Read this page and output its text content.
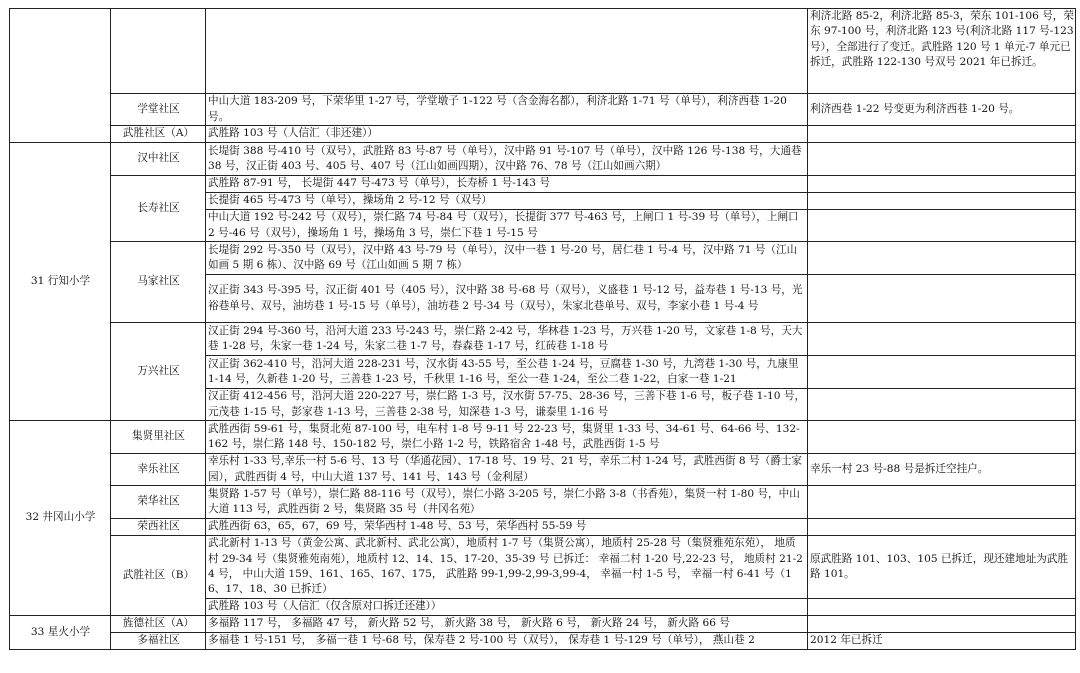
			利济北路 85-2，利济北路 85-3，荣东 101-106 号，荣东 97-100 号，利济北路 123 号(利济北路 117 号-123 号），全部进行了变迁。武胜路 120 号 1 单元-7 单元已拆迁，武胜路 122-130 号双号 2021 年已拆迁。
	学堂社区	中山大道 183-209 号，下荣华里 1-27 号，学堂墩子 1-122 号（含金海名都），利济北路 1-71 号（单号），利济西巷 1-20 号。	利济西巷 1-22 号变更为利济西巷 1-20 号。
	武胜社区（A）	武胜路 103 号（人信汇（非还建））	
31 行知小学	汉中社区	长堤街 388 号-410 号（双号），武胜路 83 号-87 号（单号），汉中路 91 号-107 号（单号），汉中路 126 号-138 号，大通巷 38 号，汉正街 403 号、405 号、407 号（江山如画四期），汉中路 76、78 号（江山如画六期）	
	长寿社区	武胜路 87-91 号， 长堤街 447 号-473 号（单号），长寿桥 1 号-143 号	
		长提街 465 号-473 号（单号），操场角 2 号-12 号（双号）	
		中山大道 192 号-242 号（双号），崇仁路 74 号-84 号（双号），长提街 377 号-463 号，上闸口 1 号-39 号（单号），上闸口 2 号-46 号（双号），操场角 1 号，操场角 3 号，崇仁下巷 1 号-15 号	
	马家社区	长堤街 292 号-350 号（双号），汉中路 43 号-79 号（单号），汉中一巷 1 号-20 号，居仁巷 1 号-4 号，汉中路 71 号（江山如画 5 期 6 栋）、汉中路 69 号（江山如画 5 期 7 栋）	
		汉正街 343 号-395 号，汉正街 401 号（405 号），汉中路 38 号-68 号（双号），义盛巷 1 号-12 号，益寿巷 1 号-13 号，光裕巷单号、双号，油坊巷 1 号-15 号（单号），油坊巷 2 号-34 号（双号），朱家北巷单号、双号，李家小巷 1 号-4 号	
	万兴社区	汉正街 294 号-360 号，沿河大道 233 号-243 号，崇仁路 2-42 号，华林巷 1-23 号，万兴巷 1-20 号，文家巷 1-8 号，天大巷 1-28 号，朱家一巷 1-24 号，朱家二巷 1-7 号，春森巷 1-17 号，红砖巷 1-18 号	
		汉正街 362-410 号，沿河大道 228-231 号，汉水街 43-55 号，至公巷 1-24 号，豆腐巷 1-30 号，九湾巷 1-30 号，九康里 1-14 号，久新巷 1-20 号，三善巷 1-23 号，千秋里 1-16 号，至公一巷 1-24，至公二巷 1-22，白家一巷 1-21	
		汉正街 412-456 号，沿河大道 220-227 号，崇仁路 1-3 号，汉水街 57-75、28-36 号，三善下巷 1-6 号，板子巷 1-10 号，元茂巷 1-15 号，彭家巷 1-13 号，三善巷 2-38 号，知深巷 1-3 号，谦泰里 1-16 号	
32 井冈山小学	集贤里社区	武胜西街 59-61 号，集贤北苑 87-100 号，电车村 1-8 号 9-11 号 22-23 号，集贤里 1-33 号、34-61 号、64-66 号、132-162 号，崇仁路 148 号、150-182 号，崇仁小路 1-2 号，铁路宿舍 1-48 号，武胜西街 1-5 号	
	幸乐社区	幸乐村 1-33 号,幸乐一村 5-6 号、13 号（华通花园）、17-18 号、19 号、21 号，幸乐二村 1-24 号，武胜西街 8 号（爵士家园），武胜西街 4 号，中山大道 137 号、141 号、143 号（金利屋）	幸乐一村 23 号-88 号是拆迁空挂户。
	荣华社区	集贤路 1-57 号（单号），崇仁路 88-116 号（双号），崇仁小路 3-205 号，崇仁小路 3-8（书香苑），集贤一村 1-80 号，中山大道 113 号，武胜西街 2 号，集贤路 35 号（井冈名苑）	
	荣西社区	武胜西街 63，65，67，69 号，荣华西村 1-48 号、53 号，荣华西村 55-59 号	
	武胜社区（B）	武北新村 1-13 号（黄金公寓、武北新村、武北公寓），地质村 1-7 号（集贤公寓），地质村 25-28 号（集贤雅苑东苑）， 地质村 29-34 号（集贤雅苑南苑），地质村 12、14、15、17-20、35-39 号 已拆迁： 幸福二村 1-20 号,22-23 号， 地质村 21-24 号， 中山大道 159、161、165、167、175， 武胜路 99-1,99-2,99-3,99-4， 幸福一村 1-5 号， 幸福一村 6-41 号（16、17、18、30 已拆迁）	原武胜路 101、103、105 已拆迁，现还建地址为武胜路 101。
		武胜路 103 号（人信汇（仅含原对口拆迁还建））	
33 星火小学	旌德社区（A）	多福路 117 号， 多福路 47 号， 新火路 52 号， 新火路 38 号， 新火路 6 号， 新火路 24 号， 新火路 66 号	
	多福社区	多福巷 1 号-151 号， 多福一巷 1 号-68 号，保寿巷 2 号-100 号（双号）， 保寿巷 1 号-129 号（单号）， 燕山巷 2	2012 年已拆迁
